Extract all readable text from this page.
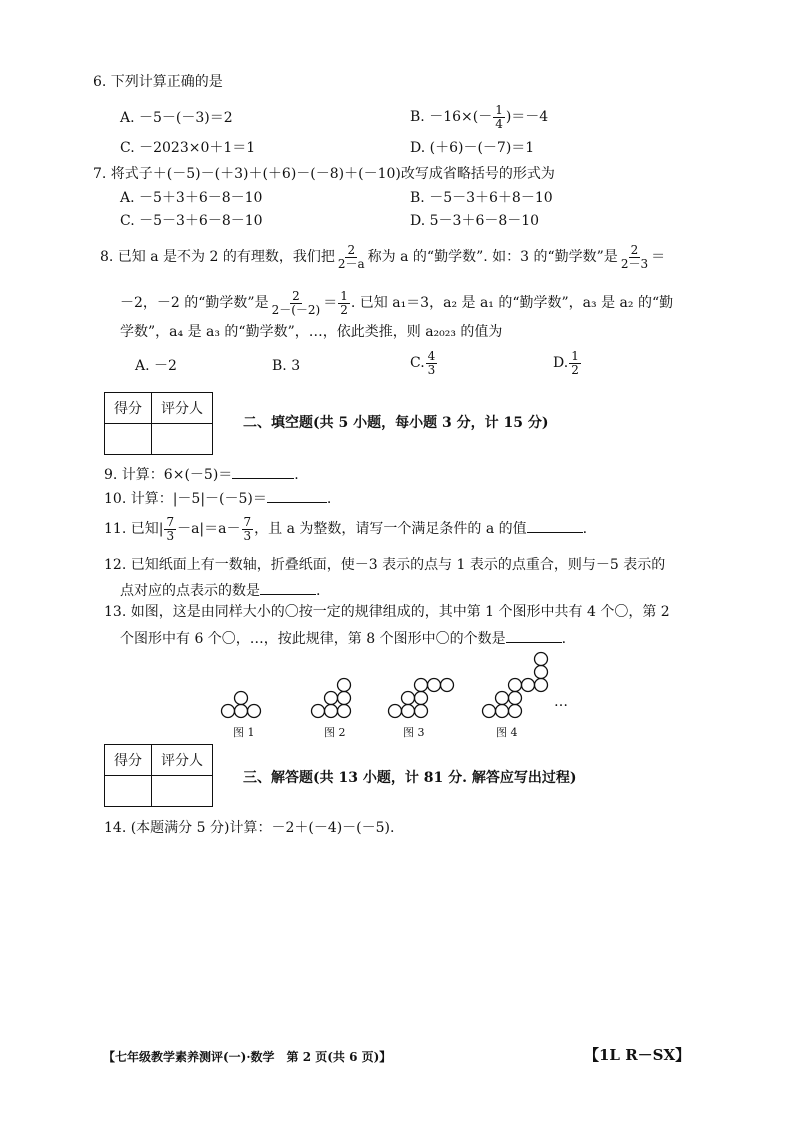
6. 下列计算正确的是
A. －5－(－3)＝2	B. $-16\times(- \frac{1}{4} )=-4$
C. －2023×0＋1＝1	D. (＋6)－(－7)＝1
7. 将式子＋(－5)－(＋3)＋(＋6)－(－8)＋(－10)改写成省略括号的形式为
A. －5＋3＋6－8－10	B. －5－3＋6＋8－10
C. －5－3＋6－8－10	D. 5－3＋6－8－10
8. 已知 a 是不为 2 的有理数，我们把 $\frac{2}{2-a}$ 称为 a 的“勤学数”. 如：3 的“勤学数”是 $\frac{2}{2-3}$ ＝
－2，－2 的“勤学数”是 $\frac{2}{2-(-2)} = \frac{1}{2}$ . 已知 a₁＝3，a₂ 是 a₁ 的“勤学数”，a₃ 是 a₂ 的“勤
学数”，a₄ 是 a₃ 的“勤学数”，…，依此类推，则 a₂₀₂₃ 的值为
A. －2	B. 3	C. $\frac{4}{3}$	D. $\frac{1}{2}$
得分	评分人

二、填空题(共 5 小题，每小题 3 分，计 15 分)
9. 计算：6×(－5)＝	.
10. 计算：|－5|－(－5)＝	.
11. 已知| $\frac{7}{3} -a|=a- \frac{7}{3}$ ，且 a 为整数，请写一个满足条件的 a 的值	.
12. 已知纸面上有一数轴，折叠纸面，使－3 表示的点与 1 表示的点重合，则与－5 表示的
点对应的点表示的数是	.
13. 如图，这是由同样大小的〇按一定的规律组成的，其中第 1 个图形中共有 4 个〇，第 2
个图形中有 6 个〇，…，按此规律，第 8 个图形中〇的个数是	.
…
图 1	图 2	图 3	图 4
得分	评分人

三、解答题(共 13 小题，计 81 分. 解答应写出过程)
14. (本题满分 5 分)计算：－2＋(－4)－(－5).
【七年级教学素养测评(一)·数学　第 2 页(共 6 页)】	【1L R－SX】
